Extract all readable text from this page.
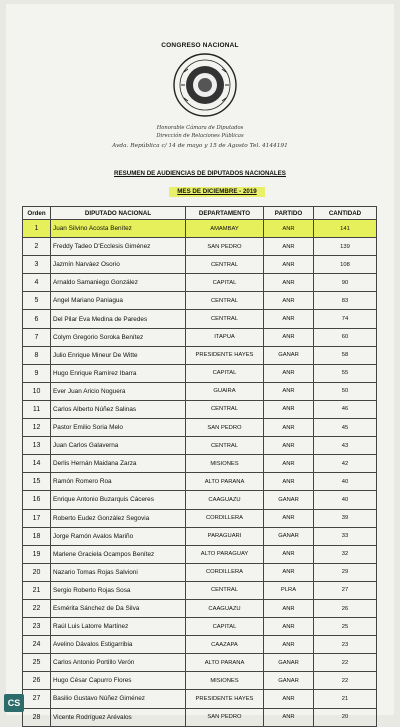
CONGRESO NACIONAL
Honorable Cámara de Diputados
Dirección de Relaciones Públicas
Avda. República c/ 14 de mayo y 15 de Agosto Tel. 4144191
RESUMEN DE AUDIENCIAS DE DIPUTADOS NACIONALES
MES DE DICIEMBRE - 2019
Orden	DIPUTADO NACIONAL	DEPARTAMENTO	PARTIDO	CANTIDAD
1	Juan Silvino Acosta Benítez	AMAMBAY	ANR	141
2	Freddy Tadeo D'Ecclesis Giménez	SAN PEDRO	ANR	139
3	Jazmín Narváez Osorio	CENTRAL	ANR	108
4	Arnaldo Samaniego González	CAPITAL	ANR	90
5	Angel Mariano Paniagua	CENTRAL	ANR	83
6	Del Pilar Eva Medina de Paredes	CENTRAL	ANR	74
7	Colym Gregorio Soroka Benítez	ITAPUA	ANR	60
8	Julio Enrique Mineur De Witte	PRESIDENTE HAYES	GANAR	58
9	Hugo Enrique Ramírez Ibarra	CAPITAL	ANR	55
10	Ever Juan Aricio Noguera	GUAIRA	ANR	50
11	Carlos Alberto Núñez Salinas	CENTRAL	ANR	46
12	Pastor Emilio Soria Melo	SAN PEDRO	ANR	45
13	Juan Carlos Galaverna	CENTRAL	ANR	43
14	Derlis Hernán Maidana Zarza	MISIONES	ANR	42
15	Ramón Romero Roa	ALTO PARANA	ANR	40
16	Enrique Antonio Buzarquis Cáceres	CAAGUAZU	GANAR	40
17	Roberto Eudez González Segovia	CORDILLERA	ANR	39
18	Jorge Ramón Avalos Mariño	PARAGUARI	GANAR	33
19	Marlene Graciela Ocampos Benítez	ALTO PARAGUAY	ANR	32
20	Nazario Tomas Rojas Salvioni	CORDILLERA	ANR	29
21	Sergio Roberto Rojas Sosa	CENTRAL	PLRA	27
22	Esmérita Sánchez de Da Silva	CAAGUAZU	ANR	26
23	Raúl Luis Latorre Martínez	CAPITAL	ANR	25
24	Avelino Dávalos Estigarribia	CAAZAPA	ANR	23
25	Carlos Antonio Portillo Verón	ALTO PARANA	GANAR	22
26	Hugo César Capurro Flores	MISIONES	GANAR	22
27	Basilio Gustavo Núñez Giménez	PRESIDENTE HAYES	ANR	21
28	Vicente Rodríguez Arévalos	SAN PEDRO	ANR	20
CS
